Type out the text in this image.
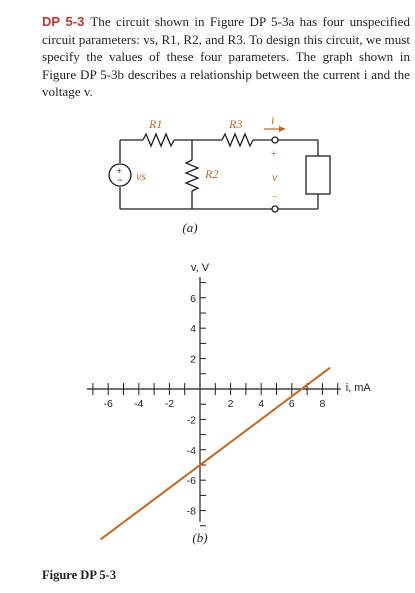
DP 5-3 The circuit shown in Figure DP 5-3a has four unspecified circuit parameters: vs, R1, R2, and R3. To design this circuit, we must specify the values of these four parameters. The graph shown in Figure DP 5-3b describes a relationship between the current i and the voltage v.
+
−
R1	R3
R2
vs
i
v
+
−
(a)
-6 -4 -2	2 4 6 8
-8
-6
-4
-2
2
4
6
v, V
i, mA
(b)
Figure DP 5-3
